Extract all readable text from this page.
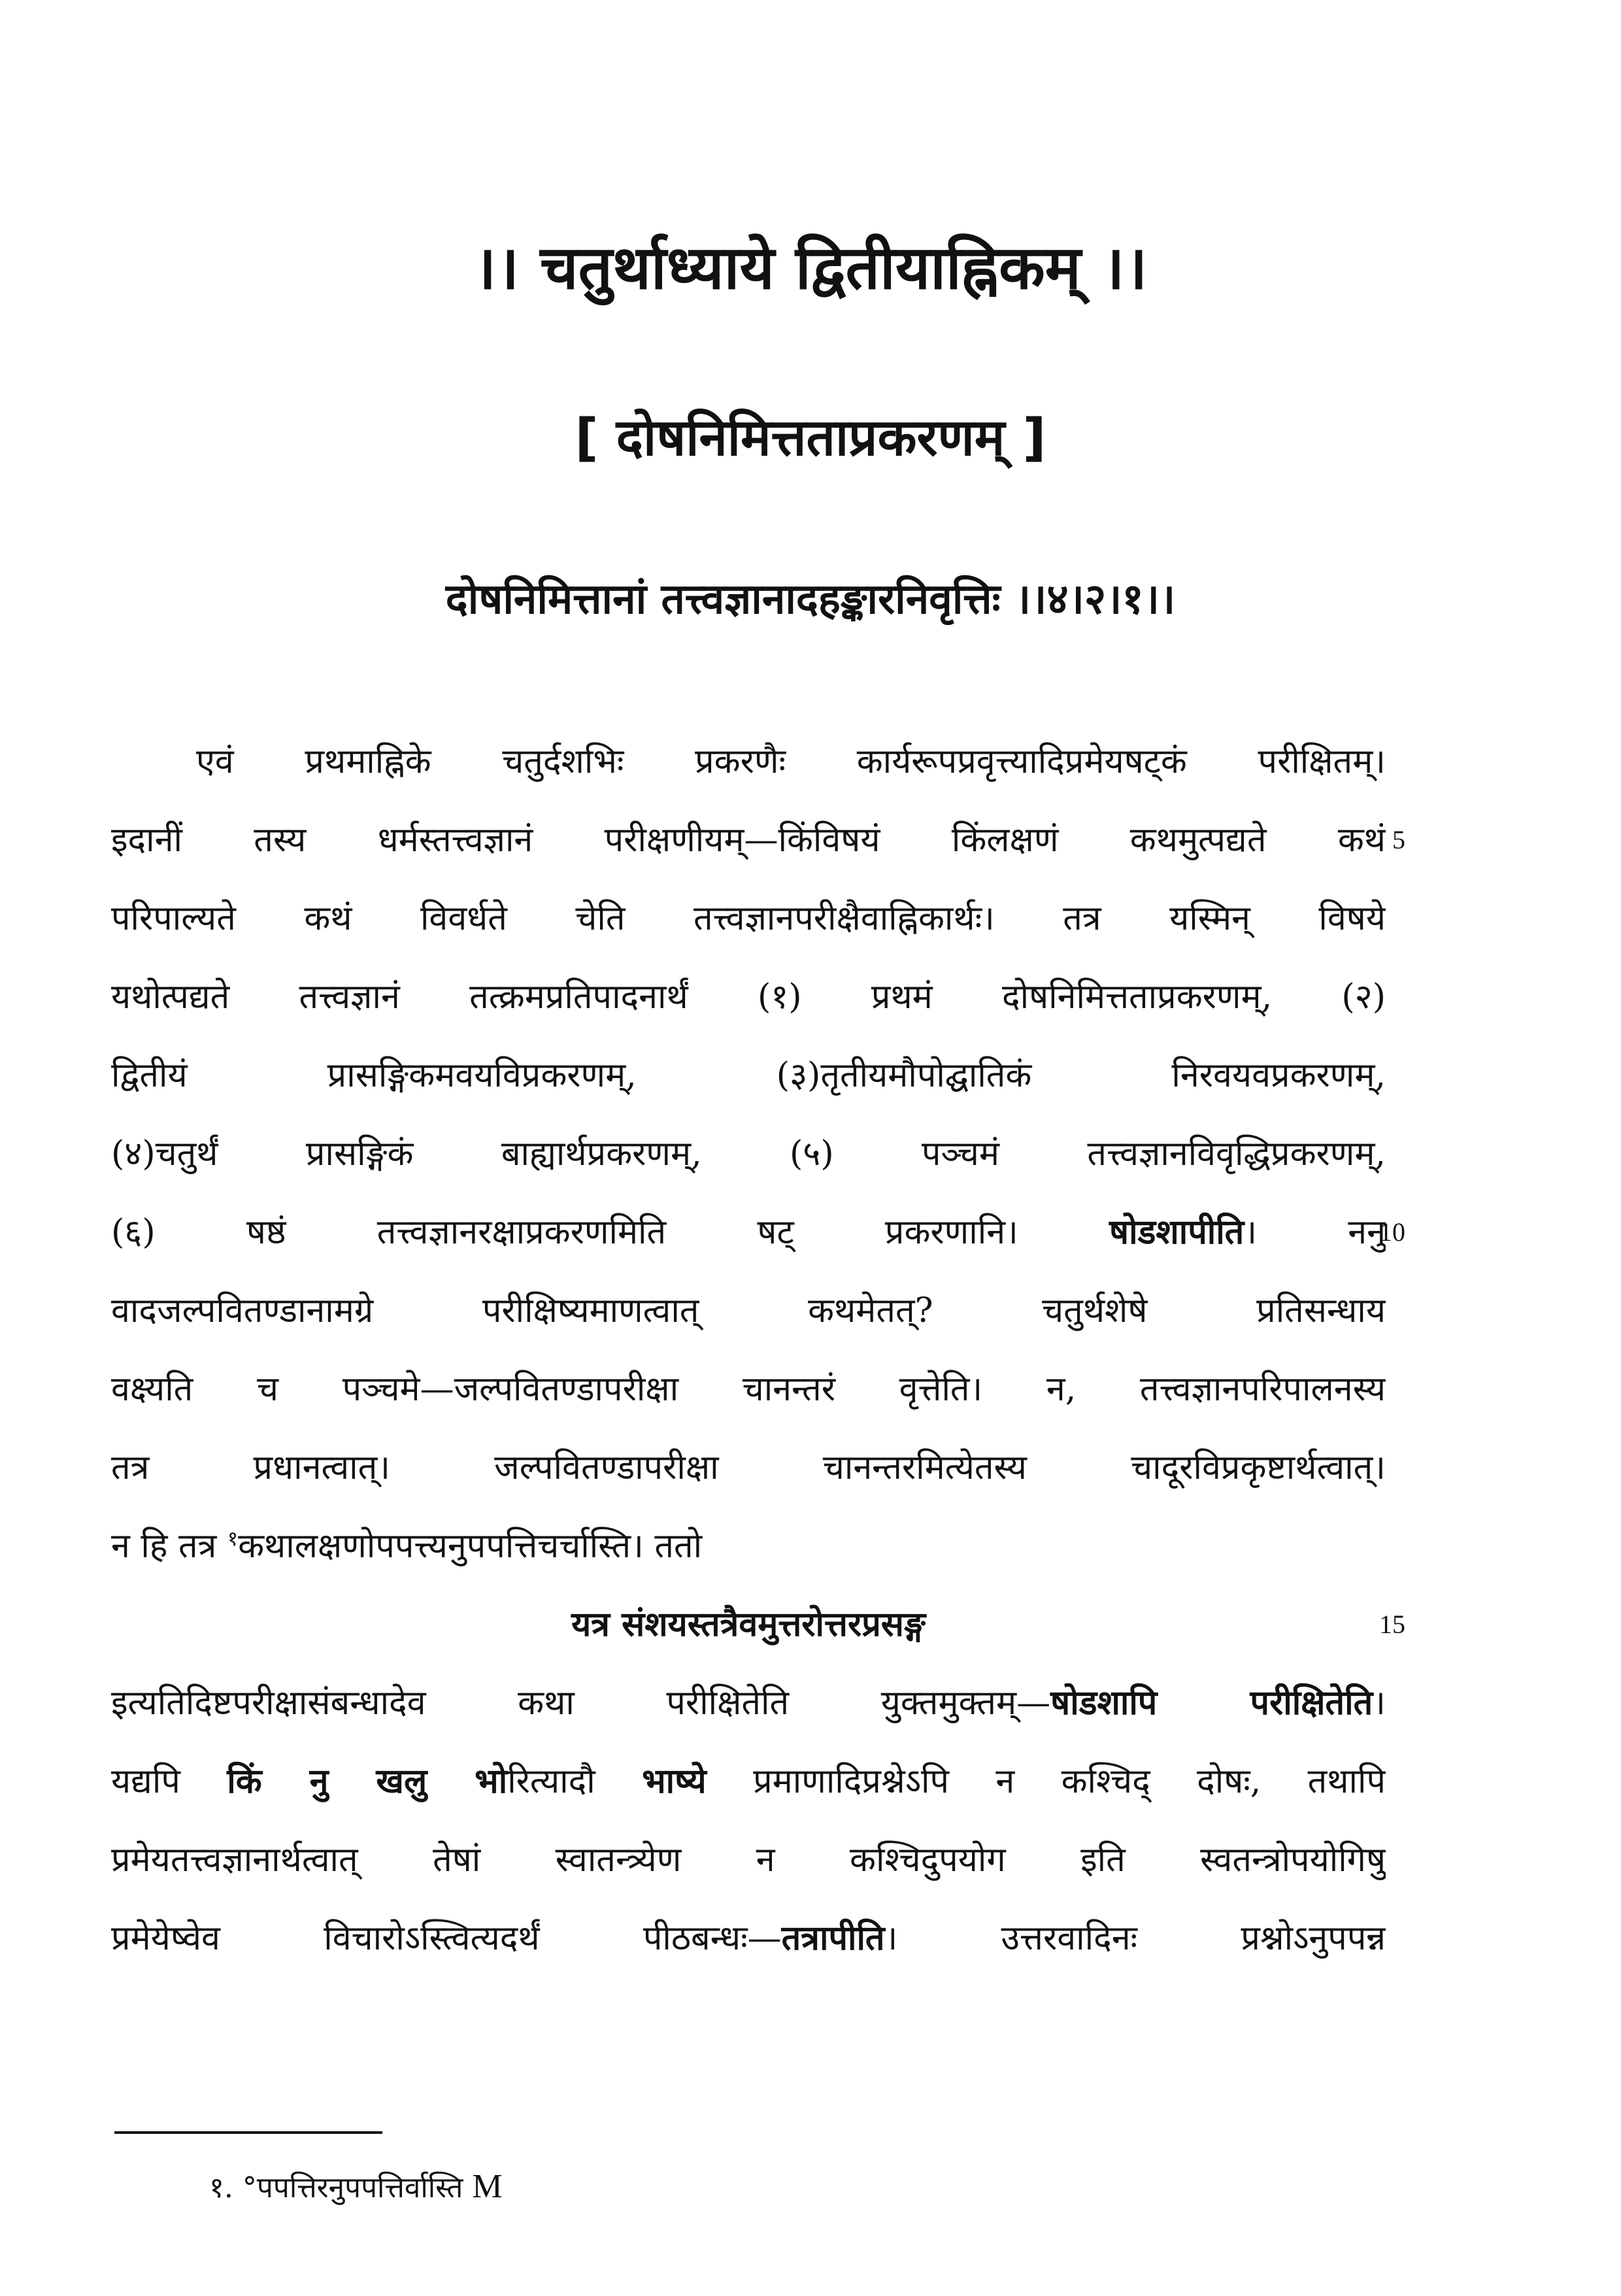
।। चतुर्थाध्याये द्वितीयाह्निकम् ।।
[ दोषनिमित्तताप्रकरणम् ]
दोषनिमित्तानां तत्त्वज्ञानादहङ्कारनिवृत्तिः ।।४।२।१।।
एवं प्रथमाह्निके चतुर्दशभिः प्रकरणैः कार्यरूपप्रवृत्त्यादिप्रमेयषट्कं परीक्षितम्।
इदानीं तस्य धर्मस्तत्त्वज्ञानं परीक्षणीयम्—किंविषयं किंलक्षणं कथमुत्पद्यते कथं
परिपाल्यते कथं विवर्धते चेति तत्त्वज्ञानपरीक्षैवाह्निकार्थः। तत्र यस्मिन् विषये
यथोत्पद्यते तत्त्वज्ञानं तत्क्रमप्रतिपादनार्थं (१) प्रथमं दोषनिमित्तताप्रकरणम्, (२)
द्वितीयं प्रासङ्गिकमवयविप्रकरणम्, (३)तृतीयमौपोद्घातिकं निरवयवप्रकरणम्,
(४)चतुर्थं प्रासङ्गिकं बाह्यार्थप्रकरणम्, (५) पञ्चमं तत्त्वज्ञानविवृद्धिप्रकरणम्,
(६) षष्ठं तत्त्वज्ञानरक्षाप्रकरणमिति षट् प्रकरणानि। षोडशापीति। ननु
वादजल्पवितण्डानामग्रे परीक्षिष्यमाणत्वात् कथमेतत्? चतुर्थशेषे प्रतिसन्धाय
वक्ष्यति च पञ्चमे—जल्पवितण्डापरीक्षा चानन्तरं वृत्तेति। न, तत्त्वज्ञानपरिपालनस्य
तत्र प्रधानत्वात्। जल्पवितण्डापरीक्षा चानन्तरमित्येतस्य चादूरविप्रकृष्टार्थत्वात्।
न हि तत्र $^१$कथालक्षणोपपत्त्यनुपपत्तिचर्चास्ति। ततो
यत्र संशयस्तत्रैवमुत्तरोत्तरप्रसङ्ग
इत्यतिदिष्टपरीक्षासंबन्धादेव कथा परीक्षितेति युक्तमुक्तम्—षोडशापि परीक्षितेति।
यद्यपि किं नु खलु भोरित्यादौ भाष्ये प्रमाणादिप्रश्नेऽपि न कश्चिद् दोषः, तथापि
प्रमेयतत्त्वज्ञानार्थत्वात् तेषां स्वातन्त्र्येण न कश्चिदुपयोग इति स्वतन्त्रोपयोगिषु
प्रमेयेष्वेव विचारोऽस्त्वित्यदर्थं पीठबन्धः—तत्रापीति। उत्तरवादिनः प्रश्नोऽनुपपन्न
5
10
15
१. °पपत्तिरनुपपत्तिर्वास्ति M
